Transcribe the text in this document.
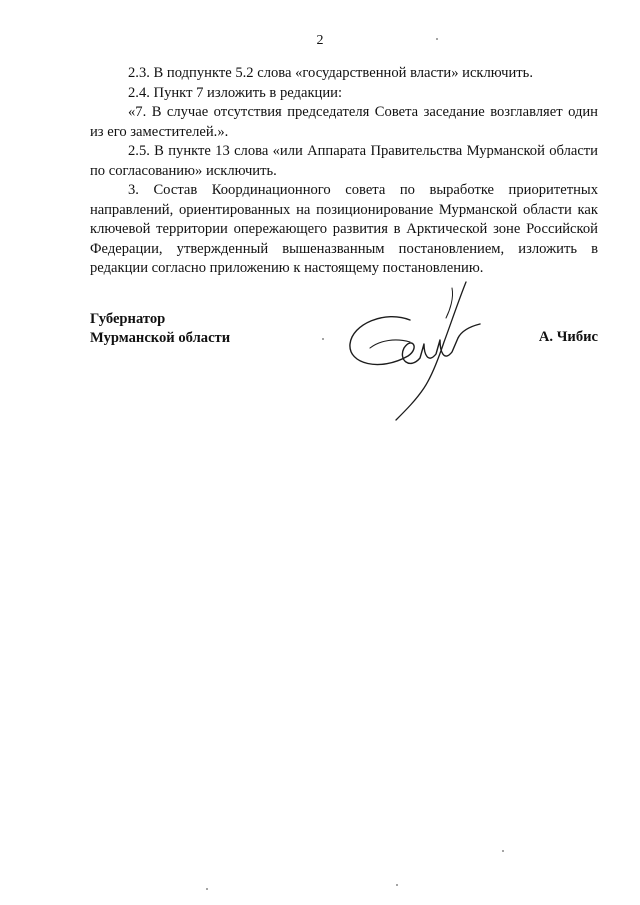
2

2.3. В подпункте 5.2 слова «государственной власти» исключить.

2.4. Пункт 7 изложить в редакции:

«7. В случае отсутствия председателя Совета заседание возглавляет один из его заместителей.».

2.5. В пункте 13 слова «или Аппарата Правительства Мурманской области по согласованию» исключить.

3. Состав Координационного совета по выработке приоритетных направлений, ориентированных на позиционирование Мурманской области как ключевой территории опережающего развития в Арктической зоне Российской Федерации, утвержденный вышеназванным постановлением, изложить в редакции согласно приложению к настоящему постановлению.

Губернатор
Мурманской области	А. Чибис
